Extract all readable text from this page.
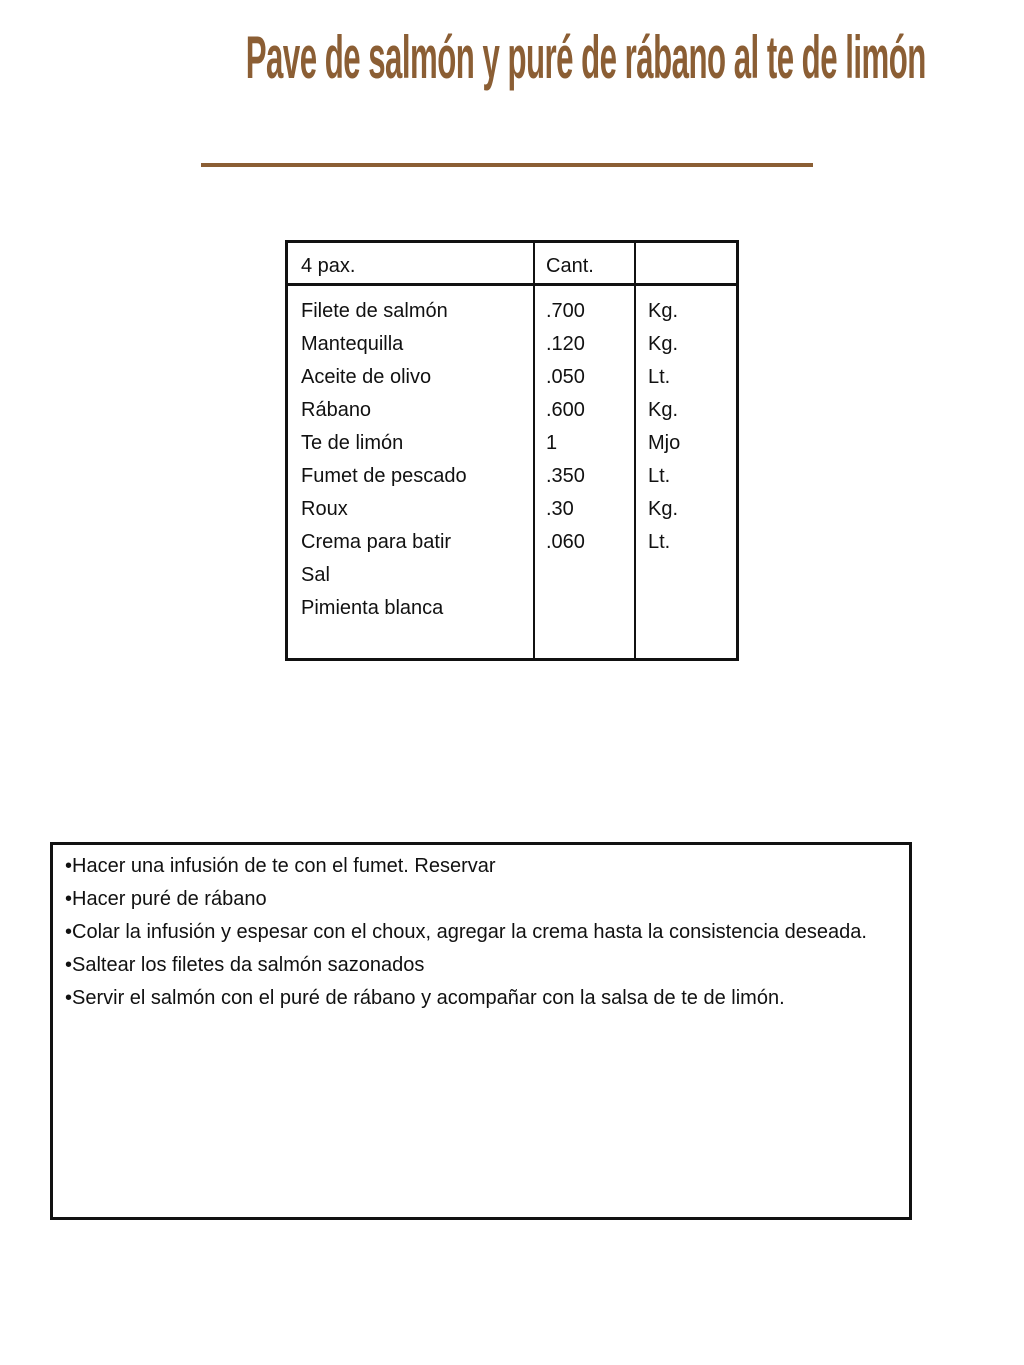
Pave de salmón y puré de rábano al te de limón
4 pax.	Cant.
Filete de salmón
Mantequilla
Aceite de olivo
Rábano
Te de limón
Fumet de pescado
Roux
Crema para batir
Sal
Pimienta blanca
.700
.120
.050
.600
1
.350
.30
.060
Kg.
Kg.
Lt.
Kg.
Mjo
Lt.
Kg.
Lt.
•Hacer una infusión de te con el fumet. Reservar
•Hacer puré de rábano
•Colar la infusión y espesar con el choux, agregar la crema hasta la consistencia deseada.
•Saltear los filetes da salmón sazonados
•Servir el salmón con el puré de rábano y acompañar con la salsa de te de limón.
